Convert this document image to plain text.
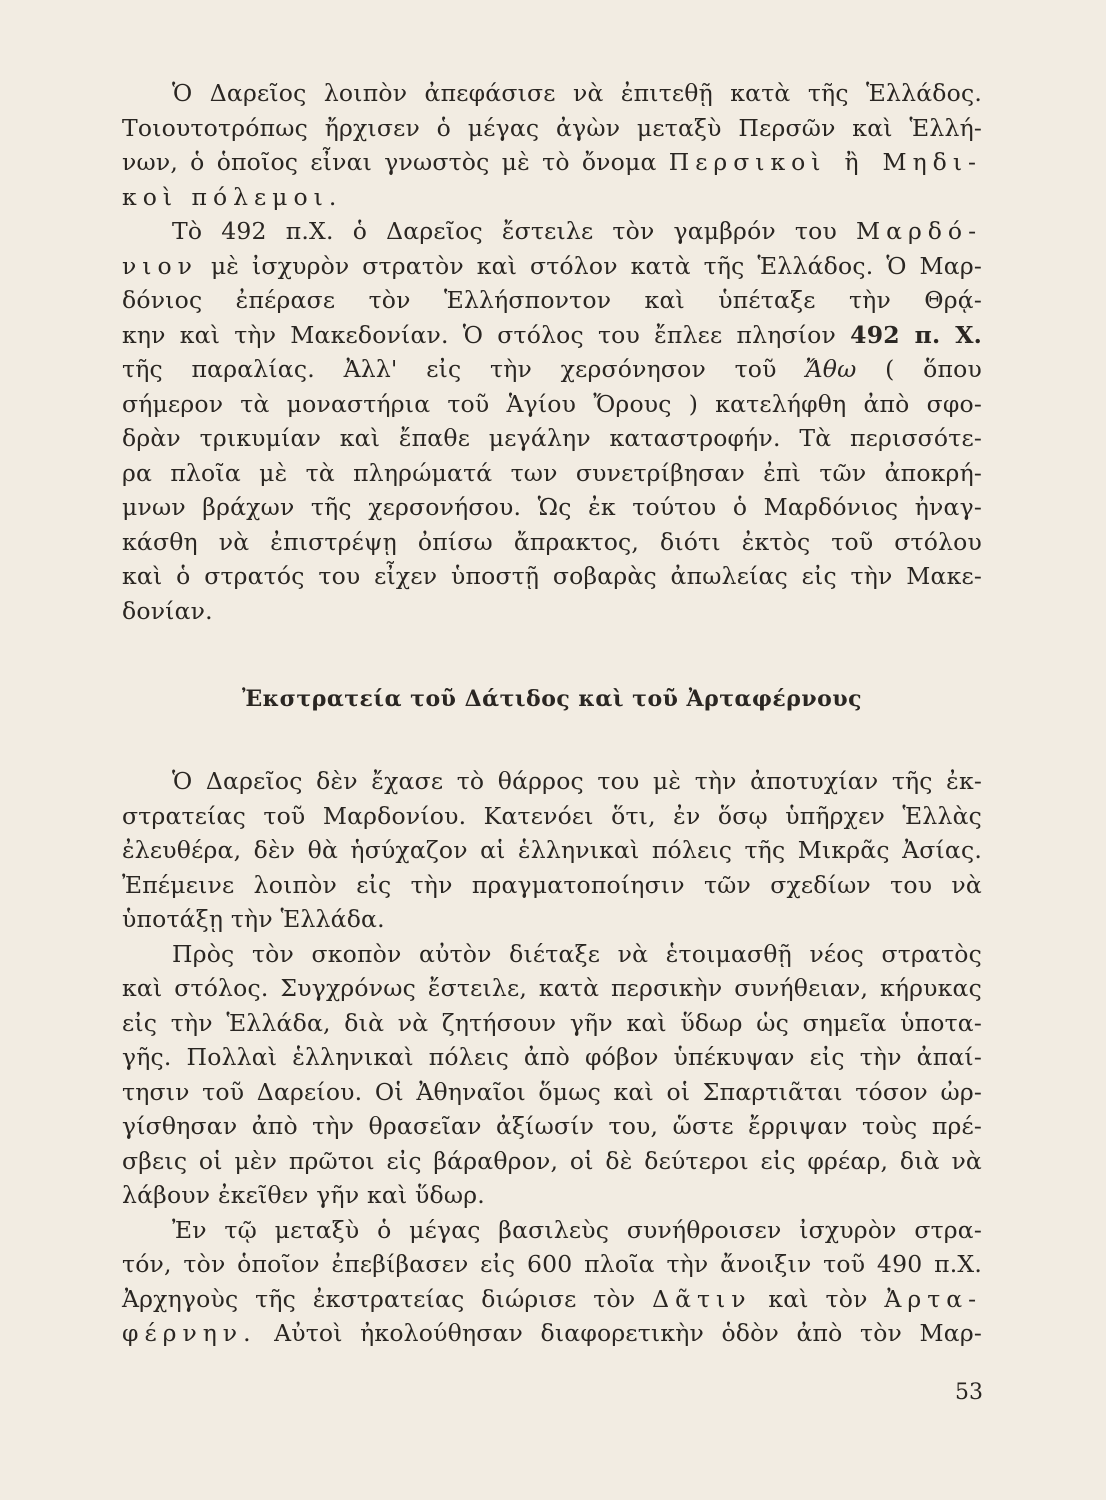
Ὁ Δαρεῖος λοιπὸν ἀπεφάσισε νὰ ἐπιτεθῇ κατὰ τῆς Ἑλλάδος.
Τοιουτοτρόπως ἤρχισεν ὁ μέγας ἀγὼν μεταξὺ Περσῶν καὶ Ἑλλή-
νων, ὁ ὁποῖος εἶναι γνωστὸς μὲ τὸ ὄνομα Περσικοὶ ἢ Μηδι-
κοὶ πόλεμοι.
Τὸ 492 π.Χ. ὁ Δαρεῖος ἔστειλε τὸν γαμβρόν του Μαρδό-
νιον μὲ ἰσχυρὸν στρατὸν καὶ στόλον κατὰ τῆς Ἑλλάδος. Ὁ Μαρ-
δόνιος ἐπέρασε τὸν Ἑλλήσποντον καὶ ὑπέταξε τὴν Θρᾴ-
κην καὶ τὴν Μακεδονίαν. Ὁ στόλος του ἔπλεε πλησίον 492 π. Χ.
τῆς παραλίας. Ἀλλ' εἰς τὴν χερσόνησον τοῦ Ἄθω ( ὅπου
σήμερον τὰ μοναστήρια τοῦ Ἁγίου Ὄρους ) κατελήφθη ἀπὸ σφο-
δρὰν τρικυμίαν καὶ ἔπαθε μεγάλην καταστροφήν. Τὰ περισσότε-
ρα πλοῖα μὲ τὰ πληρώματά των συνετρίβησαν ἐπὶ τῶν ἀποκρή-
μνων βράχων τῆς χερσονήσου. Ὡς ἐκ τούτου ὁ Μαρδόνιος ἠναγ-
κάσθη νὰ ἐπιστρέψῃ ὀπίσω ἄπρακτος, διότι ἐκτὸς τοῦ στόλου
καὶ ὁ στρατός του εἶχεν ὑποστῇ σοβαρὰς ἀπωλείας εἰς τὴν Μακε-
δονίαν.
Ἐκστρατεία τοῦ Δάτιδος καὶ τοῦ Ἀρταφέρνους
Ὁ Δαρεῖος δὲν ἔχασε τὸ θάρρος του μὲ τὴν ἀποτυχίαν τῆς ἐκ-
στρατείας τοῦ Μαρδονίου. Κατενόει ὅτι, ἐν ὅσῳ ὑπῆρχεν Ἑλλὰς
ἐλευθέρα, δὲν θὰ ἡσύχαζον αἱ ἑλληνικαὶ πόλεις τῆς Μικρᾶς Ἀσίας.
Ἐπέμεινε λοιπὸν εἰς τὴν πραγματοποίησιν τῶν σχεδίων του νὰ
ὑποτάξῃ τὴν Ἑλλάδα.
Πρὸς τὸν σκοπὸν αὐτὸν διέταξε νὰ ἑτοιμασθῇ νέος στρατὸς
καὶ στόλος. Συγχρόνως ἔστειλε, κατὰ περσικὴν συνήθειαν, κήρυκας
εἰς τὴν Ἑλλάδα, διὰ νὰ ζητήσουν γῆν καὶ ὕδωρ ὡς σημεῖα ὑποτα-
γῆς. Πολλαὶ ἑλληνικαὶ πόλεις ἀπὸ φόβον ὑπέκυψαν εἰς τὴν ἀπαί-
τησιν τοῦ Δαρείου. Οἱ Ἀθηναῖοι ὅμως καὶ οἱ Σπαρτιᾶται τόσον ὠρ-
γίσθησαν ἀπὸ τὴν θρασεῖαν ἀξίωσίν του, ὥστε ἔρριψαν τοὺς πρέ-
σβεις οἱ μὲν πρῶτοι εἰς βάραθρον, οἱ δὲ δεύτεροι εἰς φρέαρ, διὰ νὰ
λάβουν ἐκεῖθεν γῆν καὶ ὕδωρ.
Ἐν τῷ μεταξὺ ὁ μέγας βασιλεὺς συνήθροισεν ἰσχυρὸν στρα-
τόν, τὸν ὁποῖον ἐπεβίβασεν εἰς 600 πλοῖα τὴν ἄνοιξιν τοῦ 490 π.Χ.
Ἀρχηγοὺς τῆς ἐκστρατείας διώρισε τὸν Δᾶτιν καὶ τὸν Ἀρτα-
φέρνην. Αὐτοὶ ἠκολούθησαν διαφορετικὴν ὁδὸν ἀπὸ τὸν Μαρ-
53
